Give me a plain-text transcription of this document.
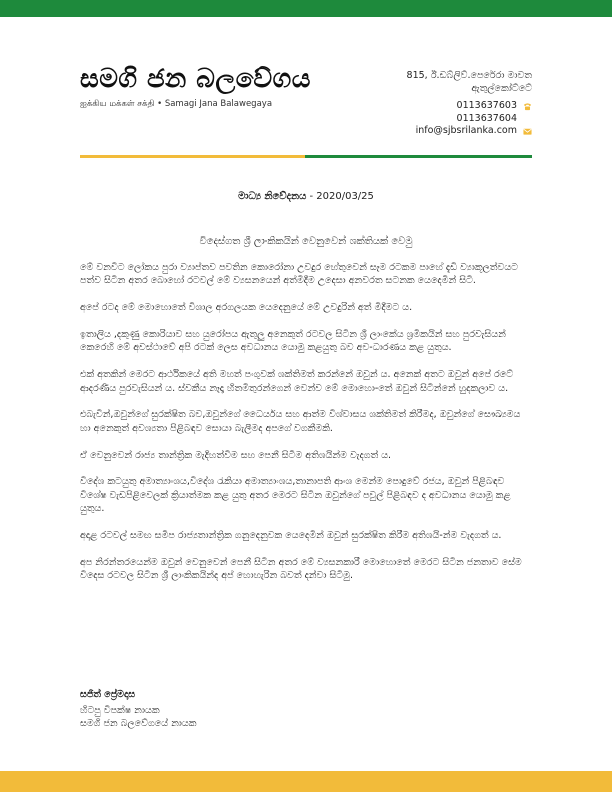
සමගි ජන බලවේගය
ஐக்கிய மக்கள் சக்தி • Samagi Jana Balawegaya
815, ඊ.ඩබ්ලිව්.පෙරේරා මාවත
ඇතුල්කෝට්ටේ
0113637603
0113637604
info@sjbsrilanka.com
මාධ්‍ය නිවේදනය - 2020/03/25
විදෙස්ගත ශ්‍රී ලාංකිකයින් වෙනුවෙන් ශක්තියක් වෙමු

මේ වනවිට ලෝකය පුරා ව්‍යාප්තව පවතින කොරෝනා උවදුර හේතුවෙන් සෑම රටකම පාහේ දැඩි ව්‍යාකූලත්වයට පත්ව සිටින අතර බොහෝ රටවල් මේ ව්‍යසනයෙන් අත්මිදීම උදෙසා අනවරත සටනක යෙදෙමින් සිටී.

අපේ රටද මේ මොහොතේ විශාල අරගලයක යෙදෙනුයේ මේ උවදුරින් අත් මිදීමට ය.

ඉතාලිය ,දකුණු කොරියාව සහ යුරෝපය ඇතුලු අනෙකුත් රටවල සිටින ශ්‍රී ලාංකේය ශ්‍රමිකයින් සහ පුරවැසියන් කෙරෙහි මේ අවස්ථාවේ අපි රටක් ලෙස අවධානය යොමු කළයුතු බව අව-ධාරණය කළ යුතුය.

එක් අතකින් මෙරට ආර්ථිකයේ අති මහත් පංගුවක් ශක්තිමත් කරන්නේ ඔවුන් ය. අනෙක් අතට ඔවුන් අපේ රටේ ආදරණීය පුරවැසියන් ය. ස්වකීය නෑදෑ හිතමිතුරන්ගෙන් වෙන්ව මේ මොහො-තේ ඔවුන් සිටින්නේ හුදකලාව ය.

එබැවින්,ඔවුන්ගේ සුරක්ෂිත බව,ඔවුන්ගේ ධෛර්යය සහ ආත්ම විශ්වාසය ශක්තිමත් කිරීමද, ඔවුන්ගේ සෞඛ්‍යමය හා අනෙකුත් අවශ්‍යතා පිළිබඳව සොයා බැලීමද අපගේ වගකීමකි.

ඒ වෙනුවෙන් රාජ්‍ය තාන්ත්‍රික මැදිහත්වීම සහ පෙනී සිටීම අතිශයින්ම වැදගත් ය.

විදේශ කටයුතු අමාත්‍යාංශය,විදේශ රැකියා අමාත්‍යාංශය,තානාපති ආංශ මෙන්ම පොදුවේ රජය, ඔවුන් පිළිබඳව විශේෂ වැඩපිළිවෙලක් ක්‍රියාත්මක කළ යුතු අතර මෙරට සිටින ඔවුන්ගේ පවුල් පිළිබඳව ද අවධානය යොමු කළ යුතුය.

අදාළ රටවල් සමඟ සමීප රාජ්‍යතාන්ත්‍රික ගනුදෙනුවක යෙදෙමින් ඔවුන් සුරක්ෂිත කිරීම අතිශයි-න්ම වැදගත් ය.

අප නිරන්තරයෙන්ම ඔවුන් වෙනුවෙන් පෙනී සිටින අතර මේ ව්‍යසනකාරී මොහොතේ මෙරට සිටින ජනතාව සේම විදෙස රටවල සිටින ශ්‍රී ලාංකිකයින්ද අප් හොහැරින බවත් දන්වා සිටිමු.

සජිත් ප්‍රේමදාස
හිටපු විපක්ෂ නායක
සමගි ජන බලවේගයේ නායක
